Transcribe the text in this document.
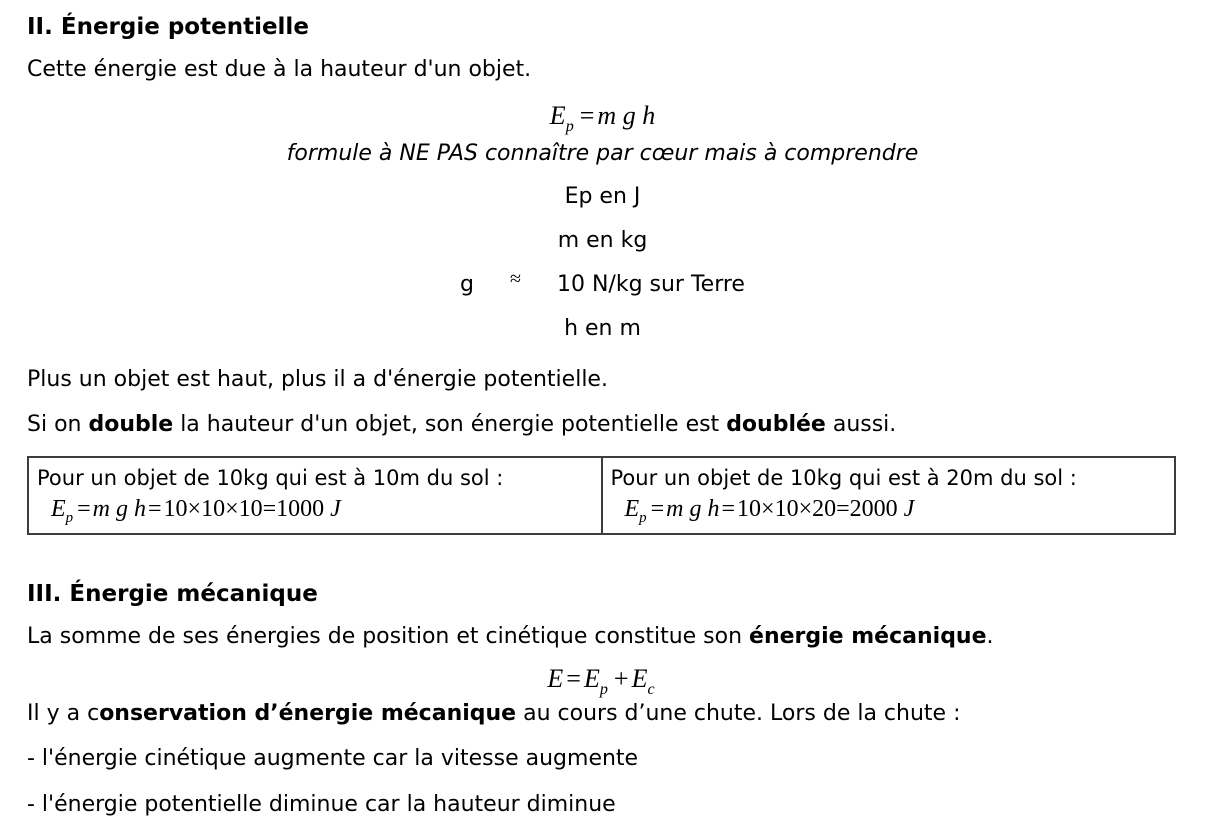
II. Énergie potentielle

Cette énergie est due à la hauteur d'un objet.

$E_p = m$ g h
formule à NE PAS connaître par cœur mais à comprendre
Ep en J
m en kg
g ≈ 10 N/kg sur Terre
h en m

Plus un objet est haut, plus il a d'énergie potentielle.

Si on double la hauteur d'un objet, son énergie potentielle est doublée aussi.

Pour un objet de 10kg qui est à 10m du sol :
$E_p =m$ g h=10×10×10=1000 J

Pour un objet de 10kg qui est à 20m du sol :
$E_p =m$ g h=10×10×20=2000 J
III. Énergie mécanique

La somme de ses énergies de position et cinétique constitue son énergie mécanique.

$E = E_p + E_c$

Il y a conservation d’énergie mécanique au cours d’une chute. Lors de la chute :

- l'énergie cinétique augmente car la vitesse augmente

- l'énergie potentielle diminue car la hauteur diminue
